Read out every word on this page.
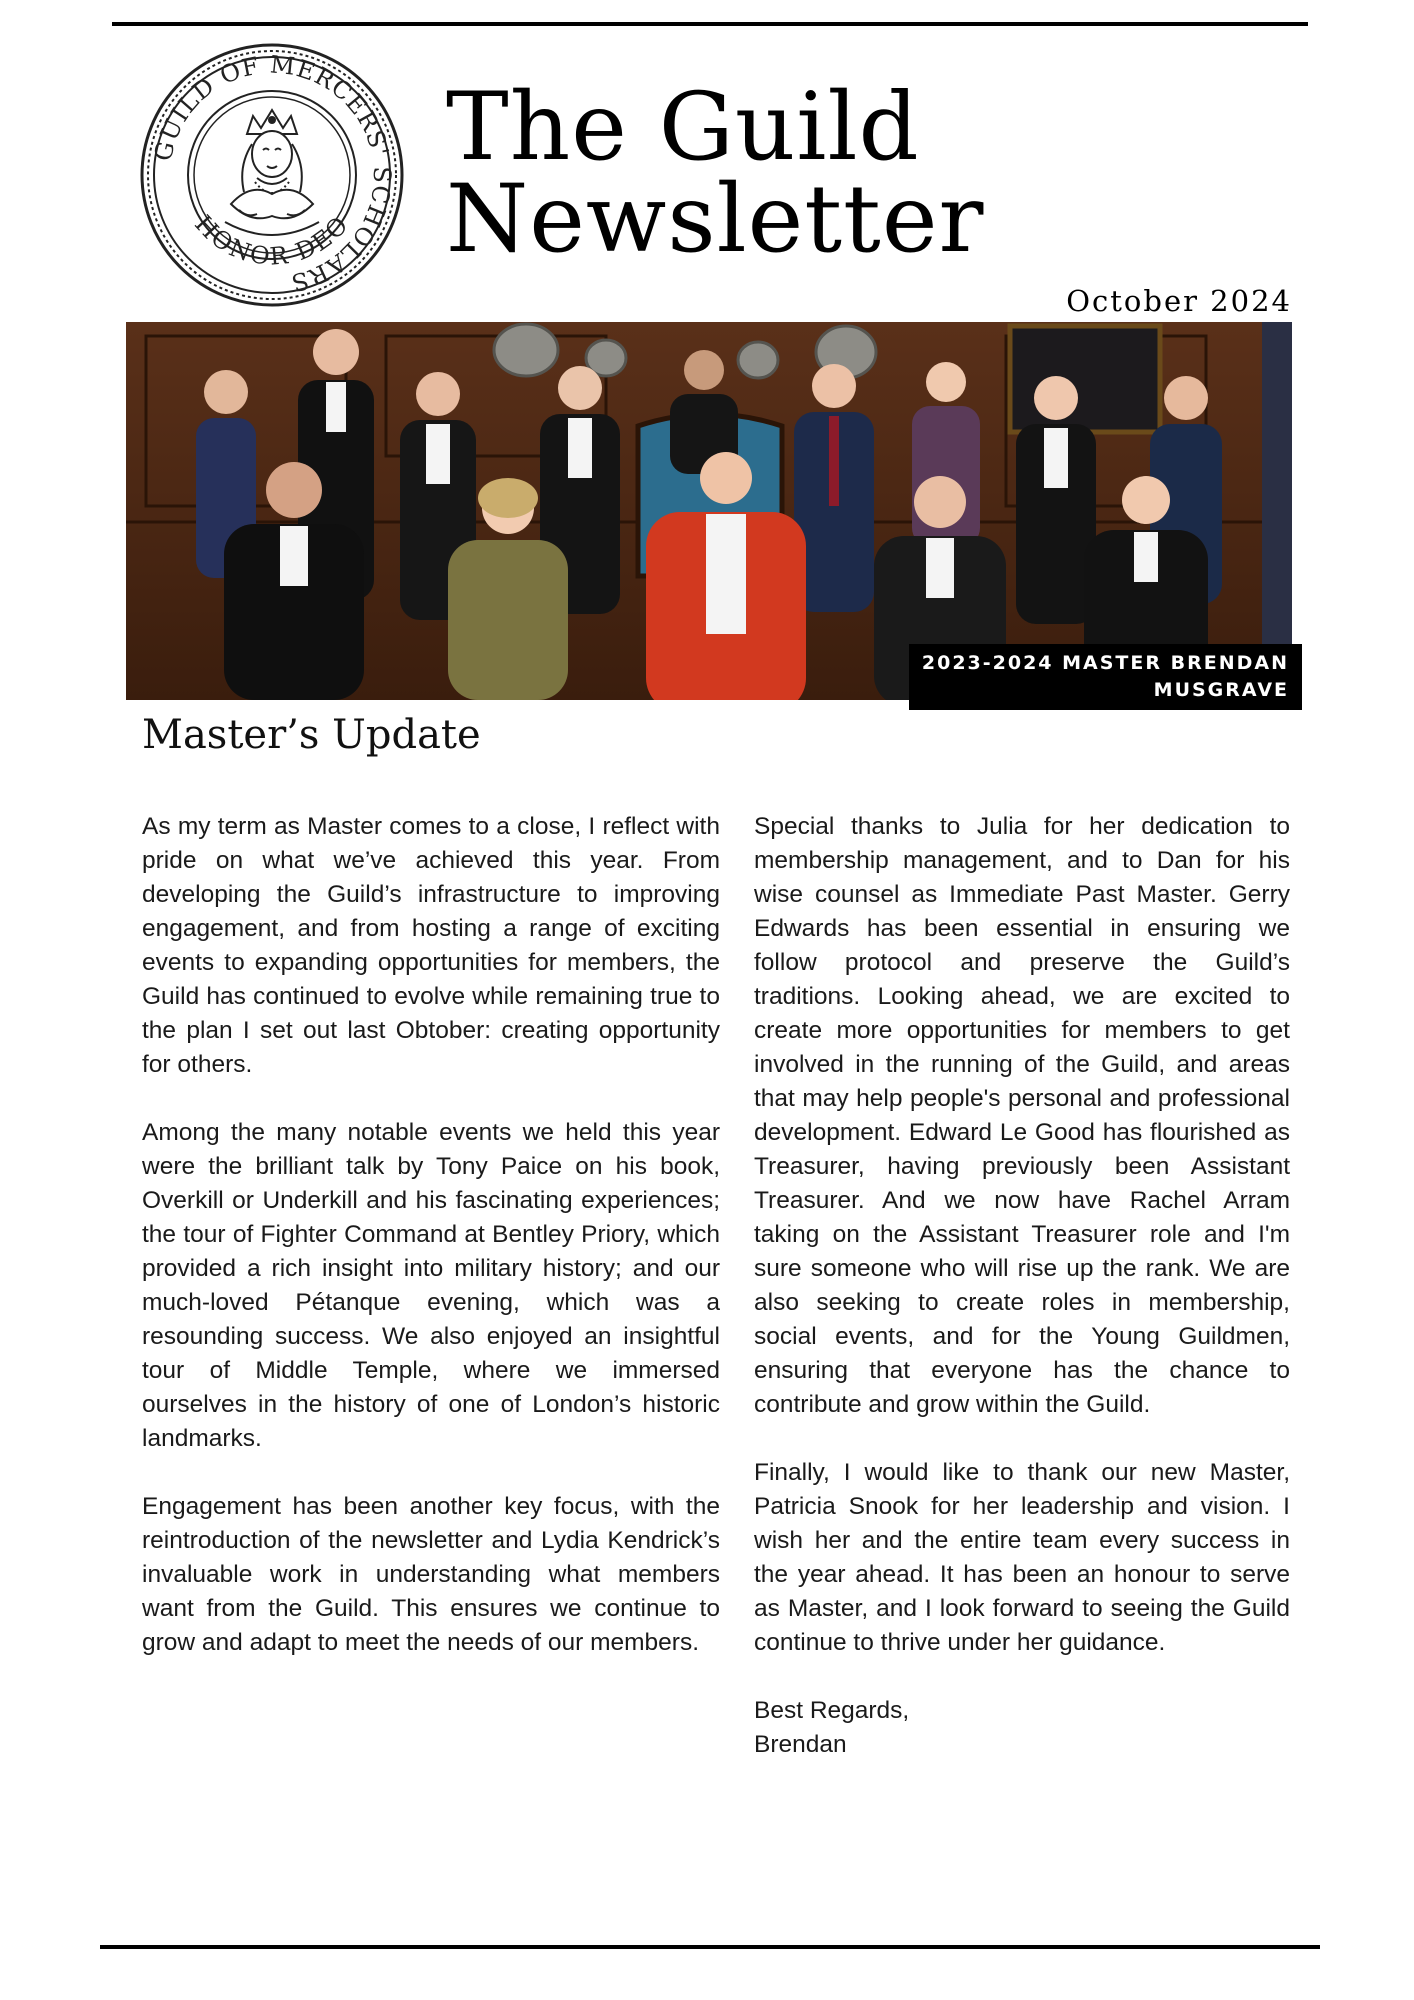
GUILD OF MERCERS' SCHOLARS
HONOR DEO
The Guild
Newsletter
October 2024
2023-2024 MASTER BRENDAN
MUSGRAVE
Master’s Update

As my term as Master comes to a close, I reflect with pride on what we’ve achieved this year. From developing the Guild’s infrastructure to improving engagement, and from hosting a range of exciting events to expanding opportunities for members, the Guild has continued to evolve while remaining true to the plan I set out last Obtober: creating opportunity for others.

Among the many notable events we held this year were the brilliant talk by Tony Paice on his book, Overkill or Underkill and his fascinating experiences; the tour of Fighter Command at Bentley Priory, which provided a rich insight into military history; and our much-loved Pétanque evening, which was a resounding success. We also enjoyed an insightful tour of Middle Temple, where we immersed ourselves in the history of one of London’s historic landmarks.

Engagement has been another key focus, with the reintroduction of the newsletter and Lydia Kendrick’s invaluable work in understanding what members want from the Guild. This ensures we continue to grow and adapt to meet the needs of our members.

Special thanks to Julia for her dedication to membership management, and to Dan for his wise counsel as Immediate Past Master. Gerry Edwards has been essential in ensuring we follow protocol and preserve the Guild’s traditions. Looking ahead, we are excited to create more opportunities for members to get involved in the running of the Guild, and areas that may help people's personal and professional development. Edward Le Good has flourished as Treasurer, having previously been Assistant Treasurer. And we now have Rachel Arram taking on the Assistant Treasurer role and I'm sure someone who will rise up the rank. We are also seeking to create roles in membership, social events, and for the Young Guildmen, ensuring that everyone has the chance to contribute and grow within the Guild.

Finally, I would like to thank our new Master, Patricia Snook for her leadership and vision. I wish her and the entire team every success in the year ahead. It has been an honour to serve as Master, and I look forward to seeing the Guild continue to thrive under her guidance.

Best Regards,
Brendan
